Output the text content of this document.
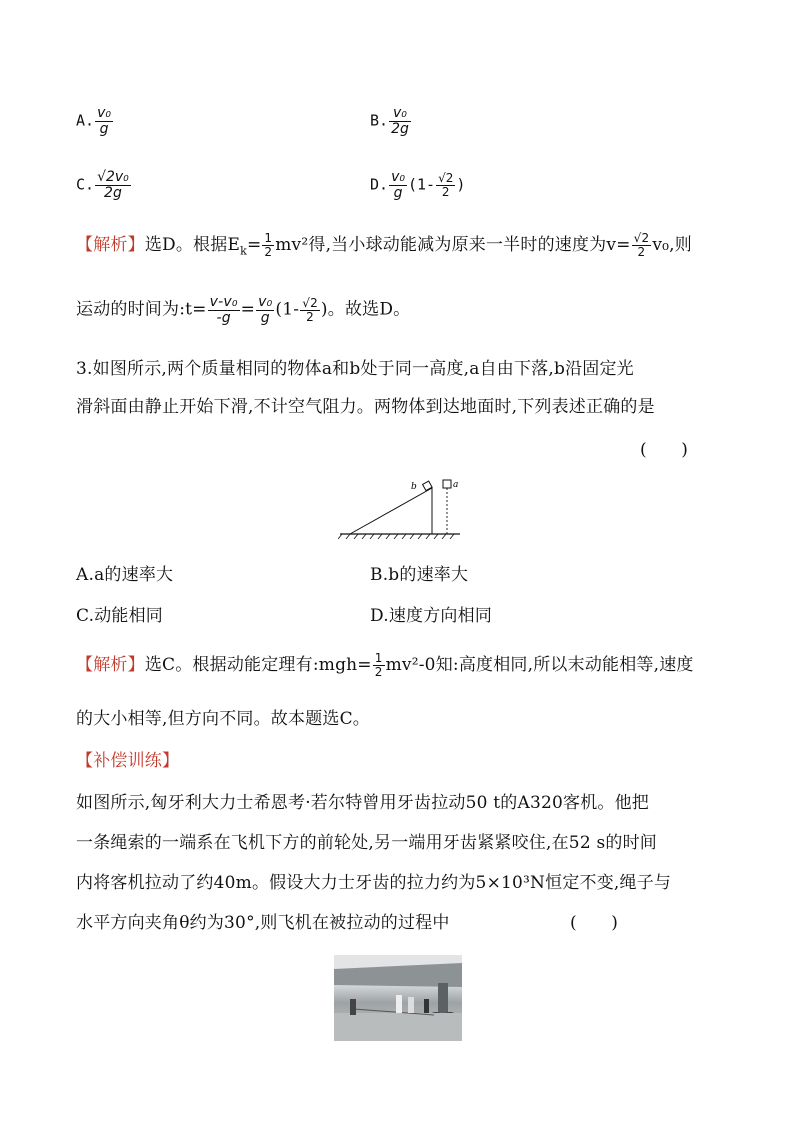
A. $\frac{\text{v₀}}{g}$	B. $\frac{\text{v₀}}{2g}$
C. $\frac{\text{√2v₀}}{2g}$	D. $\frac{\text{v₀}}{g} (1- \frac{√2}{2}$ )
【解析】选D。根据$E_k= \frac{1}{2} mv^2$得,当小球动能减为原来一半时的速度为$v= \frac{√2}{2} v_0$,则
运动的时间为:t= $\frac{\text{v-v₀}}{-g} = \frac{\text{v₀}}{g} (1- \frac{√2}{2}$ )。故选D。
3.如图所示,两个质量相同的物体a和b处于同一高度,a自由下落,b沿固定光
滑斜面由静止开始下滑,不计空气阻力。两物体到达地面时,下列表述正确的是
(　　)
b	a
A.a的速率大	B.b的速率大
C.动能相同	D.速度方向相同
【解析】选C。根据动能定理有:mgh= $\frac{1}{2} mv^2-0$知:高度相同,所以末动能相等,速度
的大小相等,但方向不同。故本题选C。
【补偿训练】
如图所示,匈牙利大力士希恩考·若尔特曾用牙齿拉动50 t的A320客机。他把
一条绳索的一端系在飞机下方的前轮处,另一端用牙齿紧紧咬住,在52 s的时间
内将客机拉动了约40m。假设大力士牙齿的拉力约为5×10³N恒定不变,绳子与
水平方向夹角θ约为30°,则飞机在被拉动的过程中	(　　)
